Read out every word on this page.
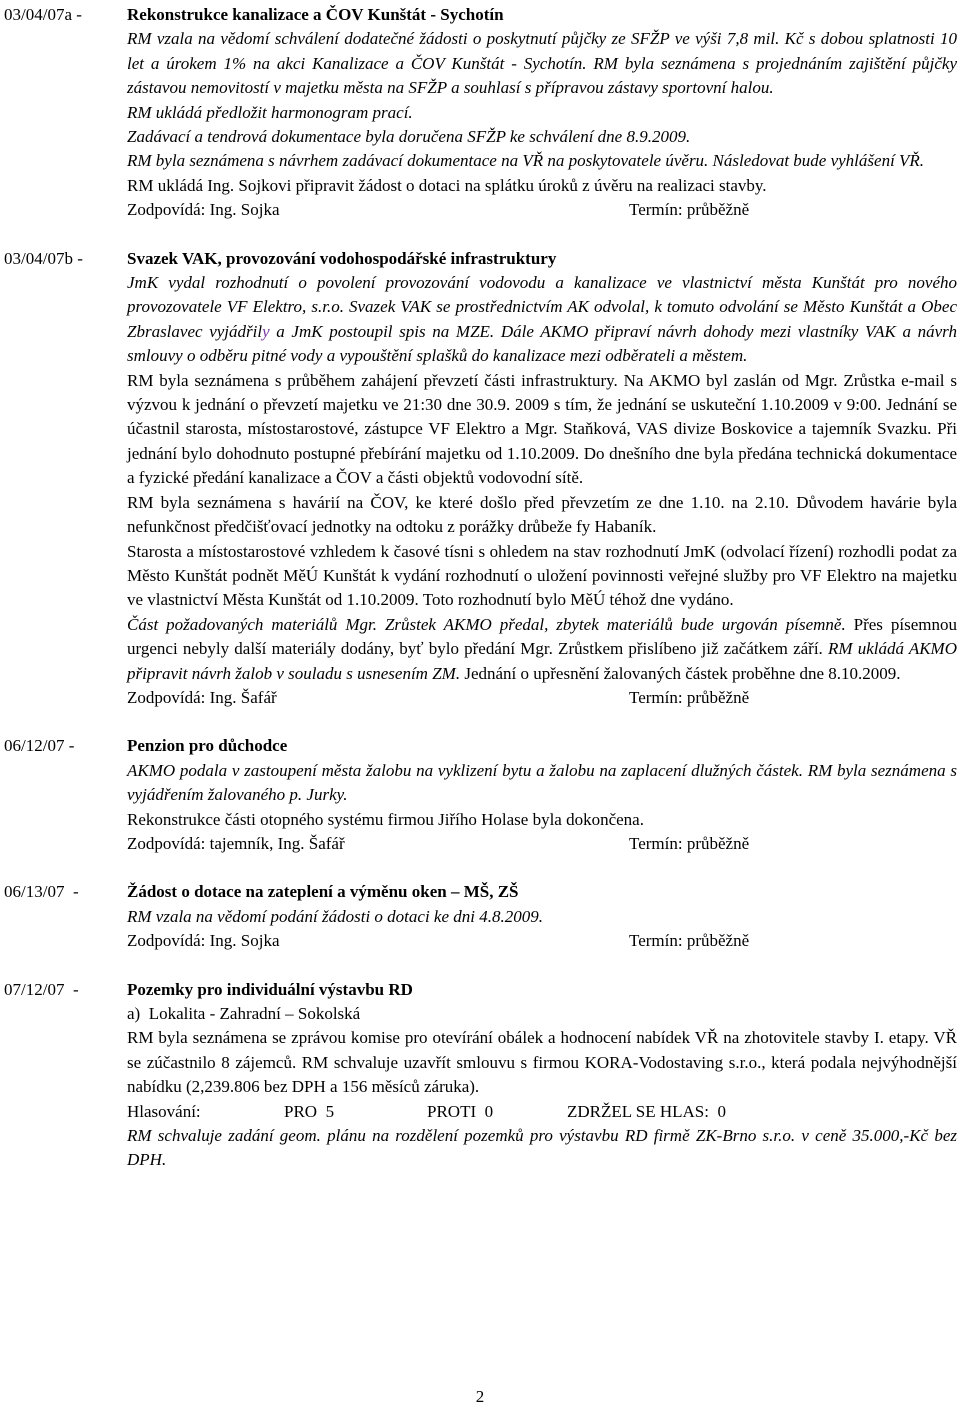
03/04/07a -	Rekonstrukce kanalizace a ČOV Kunštát - Sychotín
RM vzala na vědomí schválení dodatečné žádosti o poskytnutí půjčky ze SFŽP ve výši 7,8 mil. Kč s dobou splatnosti 10 let a úrokem 1% na akci Kanalizace a ČOV Kunštát - Sychotín. RM byla seznámena s projednáním zajištění půjčky zástavou nemovitostí v majetku města na SFŽP a souhlasí s přípravou zástavy sportovní halou.
RM ukládá předložit harmonogram prací.
Zadávací a tendrová dokumentace byla doručena SFŽP ke schválení dne 8.9.2009.
RM byla seznámena s návrhem zadávací dokumentace na VŘ na poskytovatele úvěru. Následovat bude vyhlášení VŘ.
RM ukládá Ing. Sojkovi připravit žádost o dotaci na splátku úroků z úvěru na realizaci stavby.
Zodpovídá: Ing. Sojka	Termín: průběžně
03/04/07b -	Svazek VAK, provozování vodohospodářské infrastruktury
JmK vydal rozhodnutí o povolení provozování vodovodu a kanalizace ve vlastnictví města Kunštát pro nového provozovatele VF Elektro, s.r.o. Svazek VAK se prostřednictvím AK odvolal, k tomuto odvolání se Město Kunštát a Obec Zbraslavec vyjádřily a JmK postoupil spis na MZE. Dále AKMO připraví návrh dohody mezi vlastníky VAK a návrh smlouvy o odběru pitné vody a vypouštění splašků do kanalizace mezi odběrateli a městem.
RM byla seznámena s průběhem zahájení převzetí části infrastruktury. Na AKMO byl zaslán od Mgr. Zrůstka e-mail s výzvou k jednání o převzetí majetku ve 21:30 dne 30.9. 2009 s tím, že jednání se uskuteční 1.10.2009 v 9:00. Jednání se účastnil starosta, místostarostové, zástupce VF Elektro a Mgr. Staňková, VAS divize Boskovice a tajemník Svazku. Při jednání bylo dohodnuto postupné přebírání majetku od 1.10.2009. Do dnešního dne byla předána technická dokumentace a fyzické předání kanalizace a ČOV a části objektů vodovodní sítě.
RM byla seznámena s havárií na ČOV, ke které došlo před převzetím ze dne 1.10. na 2.10. Důvodem havárie byla nefunkčnost předčišťovací jednotky na odtoku z porážky drůbeže fy Habaník.
Starosta a místostarostové vzhledem k časové tísni s ohledem na stav rozhodnutí JmK (odvolací řízení) rozhodli podat za Město Kunštát podnět MěÚ Kunštát k vydání rozhodnutí o uložení povinnosti veřejné služby pro VF Elektro na majetku ve vlastnictví Města Kunštát od 1.10.2009. Toto rozhodnutí bylo MěÚ téhož dne vydáno.
Část požadovaných materiálů Mgr. Zrůstek AKMO předal, zbytek materiálů bude urgován písemně. Přes písemnou urgenci nebyly další materiály dodány, byť bylo předání Mgr. Zrůstkem přislíbeno již začátkem září. RM ukládá AKMO připravit návrh žalob v souladu s usnesením ZM. Jednání o upřesnění žalovaných částek proběhne dne 8.10.2009.
Zodpovídá: Ing. Šafář	Termín: průběžně
06/12/07 -	Penzion pro důchodce
AKMO podala v zastoupení města žalobu na vyklizení bytu a žalobu na zaplacení dlužných částek. RM byla seznámena s vyjádřením žalovaného p. Jurky.
Rekonstrukce části otopného systému firmou Jiřího Holase byla dokončena.
Zodpovídá: tajemník, Ing. Šafář	Termín: průběžně
06/13/07  -	Žádost o dotace na zateplení a výměnu oken – MŠ, ZŠ
RM vzala na vědomí podání žádosti o dotaci ke dni 4.8.2009.
Zodpovídá: Ing. Sojka	Termín: průběžně
07/12/07  -	Pozemky pro individuální výstavbu RD
a)  Lokalita - Zahradní – Sokolská
RM byla seznámena se zprávou komise pro otevírání obálek a hodnocení nabídek VŘ na zhotovitele stavby I. etapy. VŘ se zúčastnilo 8 zájemců. RM schvaluje uzavřít smlouvu s firmou KORA-Vodostaving s.r.o., která podala nejvýhodnější nabídku (2,239.806 bez DPH a 156 měsíců záruka).
Hlasování:	PRO  5	PROTI  0	ZDRŽEL SE HLAS:  0
RM schvaluje zadání geom. plánu na rozdělení pozemků pro výstavbu RD firmě ZK-Brno s.r.o. v ceně 35.000,-Kč bez DPH.
2
